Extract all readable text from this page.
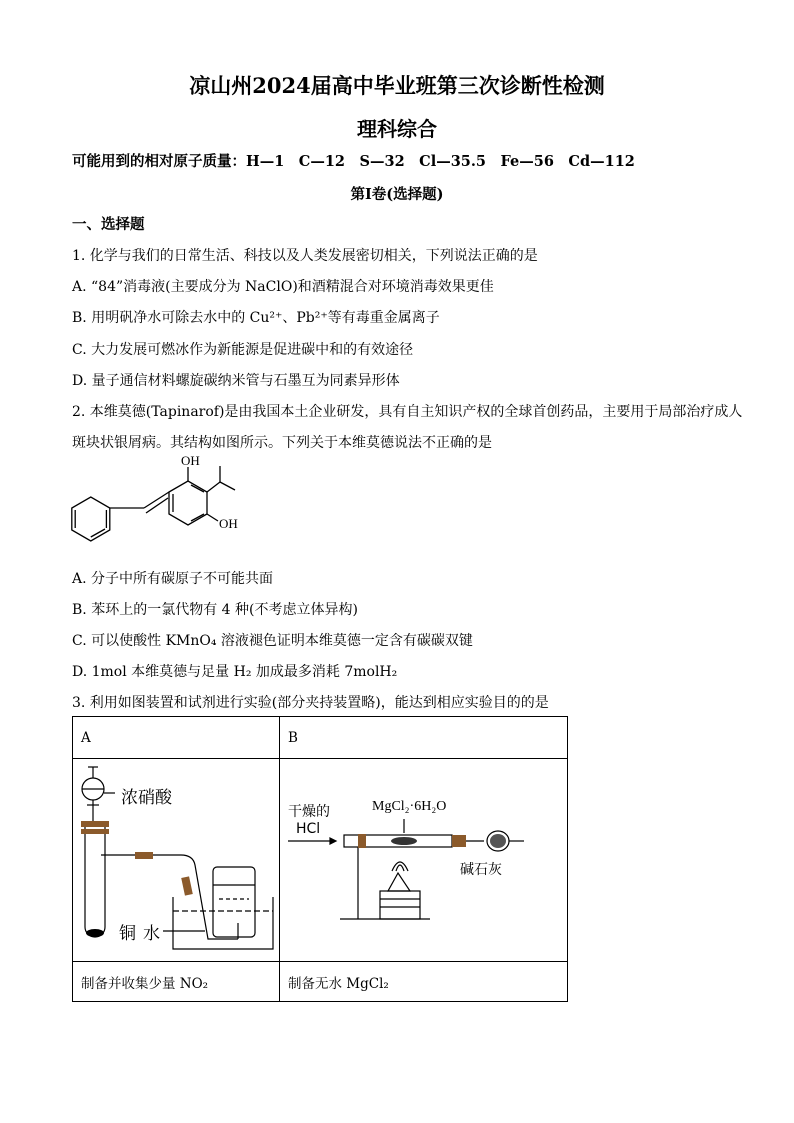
凉山州2024届高中毕业班第三次诊断性检测
理科综合
可能用到的相对原子质量：H—1　C—12　S—32　Cl—35.5　Fe—56　Cd—112
第Ⅰ卷(选择题)
一、选择题
1. 化学与我们的日常生活、科技以及人类发展密切相关，下列说法正确的是
A. “84”消毒液(主要成分为 NaClO)和酒精混合对环境消毒效果更佳
B. 用明矾净水可除去水中的 Cu²⁺、Pb²⁺等有毒重金属离子
C. 大力发展可燃冰作为新能源是促进碳中和的有效途径
D. 量子通信材料螺旋碳纳米管与石墨互为同素异形体
2. 本维莫德(Tapinarof)是由我国本土企业研发，具有自主知识产权的全球首创药品，主要用于局部治疗成人
斑块状银屑病。其结构如图所示。下列关于本维莫德说法不正确的是
OH
OH
A. 分子中所有碳原子不可能共面
B. 苯环上的一氯代物有 4 种(不考虑立体异构)
C. 可以使酸性 KMnO₄ 溶液褪色证明本维莫德一定含有碳碳双键
D. 1mol 本维莫德与足量 H₂ 加成最多消耗 7molH₂
3. 利用如图装置和试剂进行实验(部分夹持装置略)，能达到相应实验目的的是
A	B

浓硝酸
铜 水	干燥的
HCl
MgCl₂·6H₂O
碱石灰

制备并收集少量 NO₂	制备无水 MgCl₂
